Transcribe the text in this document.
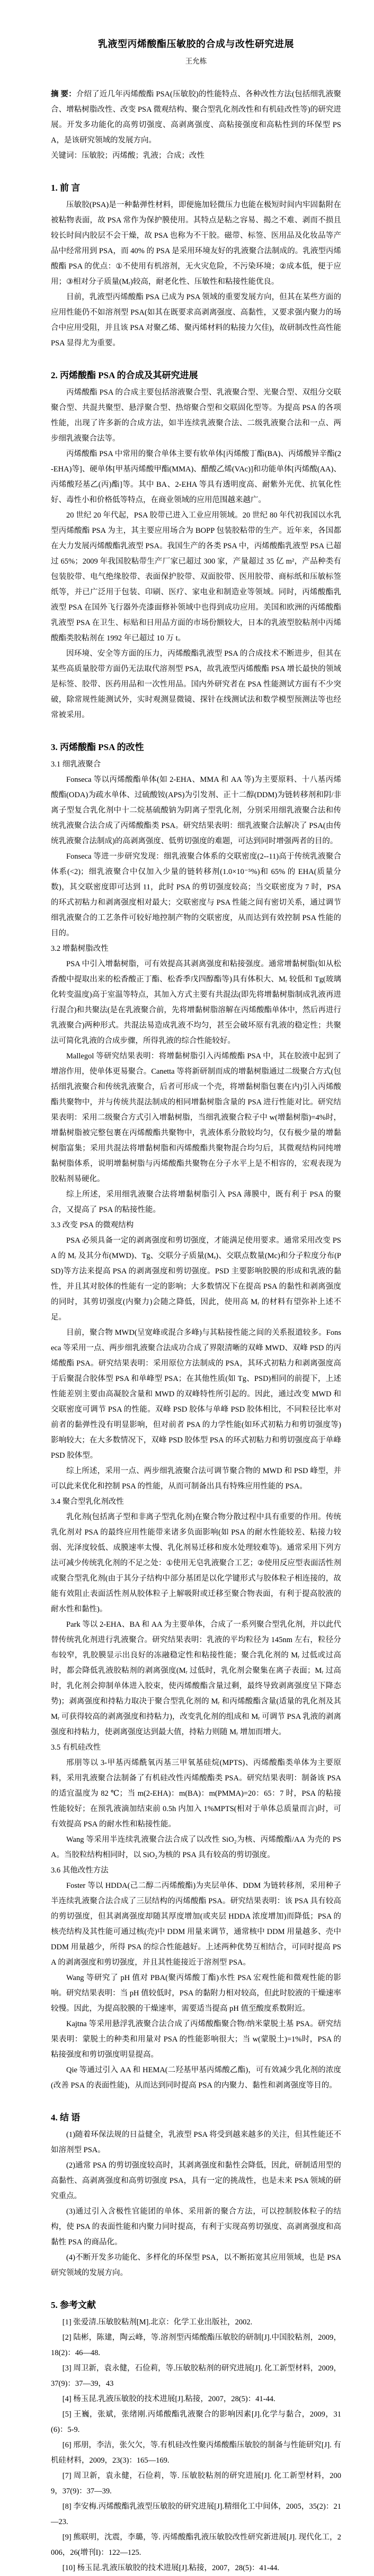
乳液型丙烯酸酯压敏胶的合成与改性研究进展
王允栋

摘 要：介绍了近几年丙烯酸酯 PSA(压敏胶)的性能特点、各种改性方法(包括细乳液聚合、增粘树脂改性、改变 PSA 微观结构、聚合型乳化剂改性和有机硅改性等)的研究进展。开发多功能化的高剪切强度、高剥离强度、高粘接强度和高粘性到的环保型 PSA，是该研究领域的发展方向。

关键词：压敏胶；丙烯酸；乳液；合成；改性

1. 前 言

压敏胶(PSA)是一种黏弹性材料，即便施加轻微压力也能在极短时间内牢固黏附在被粘物表面，故 PSA 常作为保护膜使用。其特点是粘之容易、揭之不难、剥而不损且较长时间内胶层不会干燥，故 PSA 也称为不干胶。磁带、标签、医用品及化妆品等产品中经常用到 PSA，而 40% 的 PSA 是采用环境友好的乳液聚合法制成的。乳液型丙烯酸酯 PSA 的优点：①不使用有机溶剂，无火灾危险，不污染环境；②成本低，便于应用；③相对分子质量(Mᵣ)较高，耐老化性、压敏性和粘接性能优良。

目前，乳液型丙烯酸酯 PSA 已成为 PSA 领域的重要发展方向，但其在某些方面的应用性能仍不如溶剂型 PSA(如其在既要求高剥离强度、高黏性，又要求强内聚力的场合中应用受阻，并且该 PSA 对聚乙烯、聚丙烯材料的粘接力欠佳)，故研制改性高性能 PSA 显得尤为重要。

2. 丙烯酸酯 PSA 的合成及其研究进展

丙烯酸酯 PSA 的合成主要包括溶液聚合型、乳液聚合型、光聚合型、双组分交联聚合型、共混共聚型、悬浮聚合型、热熔聚合型和交联固化型等。为提高 PSA 的各项性能，出现了许多新的合成方法，如半连续乳液聚合法、二级乳液聚合法和一点、两步细乳液聚合法等。

丙烯酸酯 PSA 中常用的聚合单体主要有软单体[丙烯酸丁酯(BA)、丙烯酸异辛酯(2-EHA)等]、硬单体[甲基丙烯酸甲酯(MMA)、醋酸乙烯(VAc)]和功能单体[丙烯酸(AA)、丙烯酸羟基乙(丙)酯]等。其中 BA、2-EHA 等具有透明度高、耐紫外光优、抗氧化性好、毒性小和价格低等特点，在商业领域的应用范围越来越广。

20 世纪 20 年代起，PSA 胶带已进入工业应用领域。20 世纪 80 年代初我国以水乳型丙烯酸酯 PSA 为主，其主要应用场合为 BOPP 包装胶粘带的生产。近年来，各国都在大力发展丙烯酸酯乳液型 PSA。我国生产的各类 PSA 中，丙烯酸酯乳液型 PSA 已超过 65%；2009 年我国胶粘带生产厂家已超过 300 家，产量超过 35 亿 m²，产品种类有包装胶带、电气绝缘胶带、表面保护胶带、双面胶带、医用胶带、商标纸和压敏标签纸等，并已广泛用于包装、印刷、医疗、家电业和制造业等领域。同时，丙烯酸酯乳液型 PSA 在国外飞行器外壳漆面修补领域中也得到成功应用。美国和欧洲的丙烯酸酯乳液型 PSA 在卫生、标贴和日用品方面的市场份额较大，日本的乳液型胶粘剂中丙烯酸酯类胶粘剂在 1992 年已超过 10 万 t。

因环境、安全等方面的压力，丙烯酸酯乳液型 PSA 的合成技术不断进步，但其在某些高质量胶带方面仍无法取代溶剂型 PSA，故乳液型丙烯酸酯 PSA 增长最快的领域是标签、胶带、医药用品和一次性用品。国内外研究者在 PSA 性能测试方面有不少突破，除常规性能测试外，实时观测显微镜、探针在线测试法和数学模型预测法等也经常被采用。

3. 丙烯酸酯 PSA 的改性
3.1 细乳液聚合

Fonseca 等以丙烯酸酯单体(如 2-EHA、MMA 和 AA 等)为主要原料、十八基丙烯酸酯(ODA)为疏水单体、过硫酸铵(APS)为引发剂、正十二醇(DDM)为链转移剂和阴/非离子型复合乳化剂中十二烷基硫酸钠为阴离子型乳化剂，分别采用细乳液聚合法和传统乳液聚合法合成了丙烯酸酯类 PSA。研究结果表明：细乳液聚合法解决了 PSA(由传统乳液聚合法制成)的高剥离强度、低剪切强度的难题，可达到同时增强两者的目的。

Fonseca 等进一步研究发现：细乳液聚合体系的交联密度(2--11)高于传统乳液聚合体系(<2)；细乳液聚合中仅加入少量的链转移剂(1.0×10⁻⁵%)和 65% 的 EHA(质量分数)，其交联密度即可达到 11，此时 PSA 的剪切强度较高；当交联密度为 7 时，PSA 的环式初粘力和剥离强度相对最大；交联密度与 PSA 性能之间有密切关系，通过调节细乳液聚合的工艺条件可较好地控制产物的交联密度，从而达到有效控制 PSA 性能的目的。

3.2 增黏树脂改性

PSA 中引入增黏树脂，可有效提高其剥离强度和粘接强度。通常增黏树脂(如从松香酸中提取出来的松香酸正丁酯、松香季戊四醇酯等)具有体积大、Mᵣ 较低和 Tg(玻璃化转变温度)高于室温等特点，其加入方式主要有共混法(即先将增黏树脂制成乳液再进行混合)和共聚法(是在乳液聚合前，先将增黏树脂溶解在丙烯酸酯单体中，然后再进行乳液聚合)两种形式。共混法易造成乳液不均匀，甚至会破坏原有乳液的稳定性；共聚法可简化乳液的合成步骤，所得乳液的综合性能较好。

Mallegol 等研究结果表明：将增黏树脂引入丙烯酸酯 PSA 中，其在胶液中起到了增溶作用，使单体更易聚合。Canetta 等将新研制而成的增黏树脂通过二级聚合方式(包括细乳液聚合和传统乳液聚合，后者可形成一个壳，将增黏树脂包裹在内)引入丙烯酸酯共聚物中，并与传统共混法制成的相同增黏树脂含量的 PSA 进行性能对比。研究结果表明：采用二级聚合方式引入增黏树脂，当细乳液聚合粒子中 w(增黏树脂)=4%时，增黏树脂被完整包裹在丙烯酸酯共聚物中，乳液体系分散较均匀，仅有极少量的增黏树脂富集；采用共混法将增黏树脂和丙烯酸酯共聚物混合均匀后，其微观结构同纯增黏树脂体系，说明增黏树脂与丙烯酸酯共聚物在分子水平上是不相容的，宏观表现为胶粘剂易硬化。

综上所述，采用细乳液聚合法将增黏树脂引入 PSA 薄膜中，既有利于 PSA 的聚合，又提高了 PSA 的粘接性能。

3.3 改变 PSA 的微观结构

PSA 必须具备一定的剥离强度和剪切强度，才能满足使用要求。通常采用改变 PSA 的 Mᵣ 及其分布(MWD)、Tg、交联分子质量(Mₑ)、交联点数量(Mc)和分子粒度分布(PSD)等方法来提高 PSA 的剥离强度和剪切强度。PSD 主要影响胶膜的形成和乳液的黏性，并且其对胶体的性能有一定的影响；大多数情况下在提高 PSA 的黏性和剥离强度的同时，其剪切强度(内聚力)会随之降低，因此，使用高 Mᵣ 的材料有望弥补上述不足。

目前，聚合物 MWD(呈宽峰或混合多峰)与其粘接性能之间的关系报道较多。Fonseca 等采用一点、两步细乳液聚合法成功合成了界限清晰的双峰 MWD、双峰 PSD 的丙烯酸酯 PSA。研究结果表明：采用原位方法制成的 PSA，其环式初粘力和剥离强度高于后聚混合胶体型 PSA 和单峰型 PSA；在其他性质(如 Tg、PSD)相同的前提下，上述性能差别主要由高凝胶含量和 MWD 的双峰特性所引起的。因此，通过改变 MWD 和交联密度可调节 PSA 的性能。双峰 PSD 胶体与单峰 PSD 胶体相比，不同粒径比率对前者的黏弹性没有明显影响，但对前者 PSA 的力学性能(如环式初粘力和剪切强度等)影响较大；在大多数情况下，双峰 PSD 胶体型 PSA 的环式初粘力和剪切强度高于单峰 PSD 胶体型。

综上所述，采用一点、两步细乳液聚合法可调节聚合物的 MWD 和 PSD 峰型，并可以此来优化和控制 PSA 的性能，从而可制备出具有特殊应用性能的 PSA。

3.4 聚合型乳化剂改性

乳化剂(包括离子型和非离子型乳化剂)在聚合物分散过程中具有重要的作用。传统乳化剂对 PSA 的最终应用性能带来诸多负面影响(如 PSA 的耐水性能较差、粘接力较弱、光泽度较低、成膜速率太慢、乳化剂易迁移和废水处理较难等)。通常采用下列方法可减少传统乳化剂的不足之处：①使用无皂乳液聚合工艺；②使用反应型表面活性剂或聚合型乳化剂(由于其分子结构中部分基团是以化学键形式与胶体粒子相连接的，故能有效阻止表面活性剂从胶体粒子上解吸附或迁移至聚合物表面，有利于提高胶液的耐水性和黏性)。

Park 等以 2-EHA、BA 和 AA 为主要单体，合成了一系列聚合型乳化剂，并以此代替传统乳化剂进行乳液聚合。研究结果表明：乳液的平均粒径为 145nm 左右，粒径分布较窄，乳胶膜显示出良好的冻融稳定性和粘接性能；聚合乳化剂的 Mᵣ 过低或过高时，都会降低乳液胶粘剂的剥离强度(Mᵣ 过低时，乳化剂会聚集在离子表面；Mᵣ 过高时，乳化剂会抑制单体进入胶束，使丙烯酸酯含量过剩，最终导致剥离强度呈下降态势)；剥离强度和持粘力取决于聚合型乳化剂的 Mᵣ 和丙烯酸酯含量(适量的乳化剂及其 Mᵣ 可获得较高的剥离强度和持粘力)，改变乳化剂的组成和 Mᵣ 可调节 PSA 乳液的剥离强度和持粘力，使剥离强度达到最大值，持粘力则随 Mᵣ 增加而增大。

3.5 有机硅改性

邢朋等以 3-甲基丙烯酰氧丙基三甲氧基硅烷(MPTS)、丙烯酸酯类单体为主要原料，采用乳液聚合法制备了有机硅改性丙烯酸酯类 PSA。研究结果表明：制备该 PSA 的适宜温度为 82 ℃；当 m(2-EHA)：m(BA)：m(PMMA)=20：65：7 时，PSA 的粘接性能较好；在预乳液滴加结束前 0.5h 内加入 1%MPTS(相对于单体总质量而言)时，可有效提高 PSA 的耐水性和粘接性能。

Wang 等采用半连续乳液聚合法合成了以改性 SiO₂为核、丙烯酸酯/AA 为壳的 PSA。当胶粒结构相同时，以 SiO₂为核的 PSA 具有较高的剪切强度。

3.6 其他改性方法

Foster 等以 HDDA(己二醇二丙烯酸酯)为夹层单体、DDM 为链转移剂，采用种子半连续乳液聚合法合成了三层结构的丙烯酸酯 PSA。研究结果表明：该 PSA 具有较高的剪切强度，但其剥离强度却随其厚度增加(或夹层 HDDA 浓度增加)而降低；PSA 的核壳结构及其性能可通过核(壳)中 DDM 用量来调节，通常核中 DDM 用量越多、壳中 DDM 用量越少，所得 PSA 的综合性能越好。上述两种优势互相结合，可同时提高 PSA 的剥离强度和剪切强度，并且其性能接近于溶剂型 PSA。

Wang 等研究了 pH 值对 PBA(聚丙烯酸丁酯)水性 PSA 宏观性能和微观性能的影响。研究结果表明：当 pH 值较低时，PSA 的黏附力相对较高，但此时胶液的干燥速率较慢。因此，为提高胶膜的干燥速率，需要适当提高 pH 值至酸度系数附近。

Kajtna 等采用悬浮乳液聚合法合成了丙烯酸酯聚合物/纳米蒙脱土基 PSA。研究结果表明：蒙脱土的种类和用量对 PSA 的性能影响很大；当 w(蒙脱土)=1%时，PSA 的粘接强度和剪切强度明显提高。

Qie 等通过引入 AA 和 HEMA(二羟基甲基丙烯酸乙酯)，可有效减少乳化剂的浓度(改善 PSA 的表面性能)，从而达到同时提高 PSA 的内聚力、黏性和剥离强度等目的。

4. 结 语

(1)随着环保法规的日益健全，乳液型 PSA 将受到越来越多的关注，但其性能还不如溶剂型 PSA。

(2)通常 PSA 的剪切强度较高时，其剥离强度和黏性会降低，因此，研制适用型的高黏性、高剥离强度和高剪切强度 PSA，具有一定的挑战性，也是未来 PSA 领域的研究重点。

(3)通过引入含极性官能团的单体、采用新的聚合方法，可以控制胶体粒子的结构，使 PSA 的表面性能和内聚力同时提高，有利于实现高剪切强度、高剥离强度和高黏性 PSA 的商品化。

(4)不断开发多功能化、多样化的环保型 PSA，以不断拓宽其应用领域，也是 PSA 研究领域的发展方向。

5. 参考文献

[1] 张爱清.压敏胶粘剂[M].北京：化学工业出版社，2002.

[2] 陆彬，陈建，陶云峰，等.溶剂型丙烯酸酯压敏胶的研制[J].中国胶粘剂，2009，18(2)：46—48.

[3] 周卫新，袁永健，石俭莉，等.压敏胶粘剂的研究进展[J]. 化工新型材料，2009，37(9)：37—39，43

[4] 杨玉昆.乳液压敏胶的技术进展[J].粘接，2007，28(5)：41-44.

[5] 王巍，张斌，张绪刚.丙烯酸酯乳液聚合的影响因素[J].化学与黏合，2009，31(6)：5-9.

[6] 邢朋，李洁，张欠欠，等.有机硅改性聚丙烯酸酯压敏胶的制备与性能研究[J]. 有机硅材料，2009，23(3)：165—169.

[7] 周卫新，袁永健，石俭莉，等. 压敏胶粘剂的研究进展[J]. 化工新型材料，2009，37(9)：37—39.

[8] 李安梅.丙烯酸酯乳液型压敏胶的研究进展[J].精细化工中间体，2005，35(2)：21—23.

[9] 熊联明，沈震，李璐，等. 丙烯酸酯乳液压敏胶改性研究新进展[J]. 现代化工，2006，26(增刊I)：122—125.

[10] 杨玉昆.乳液压敏胶的技术进展[J].粘接，2007，28(5)：41-44.
